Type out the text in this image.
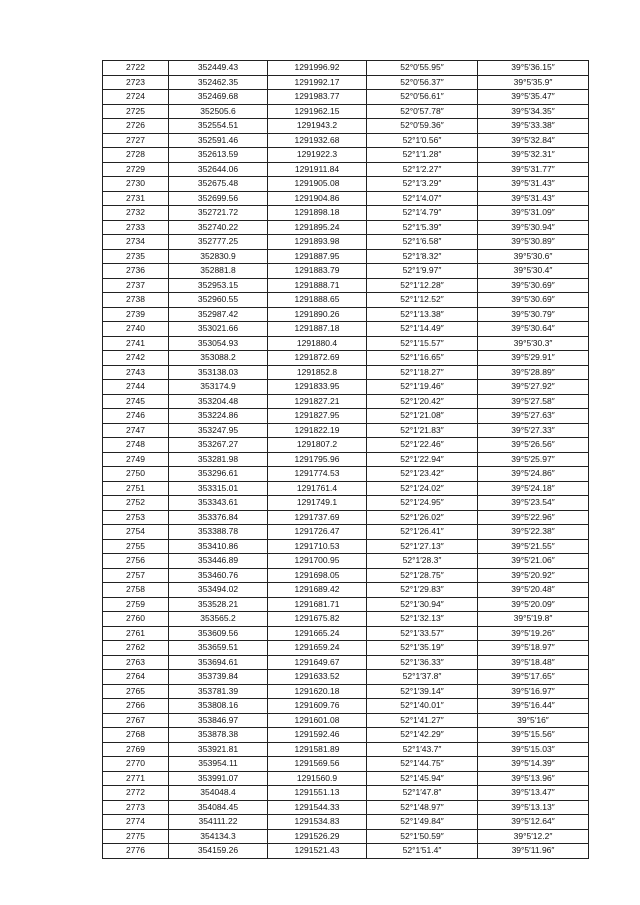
2722	352449.43	1291996.92	52°0′55.95″	39°5′36.15″
2723	352462.35	1291992.17	52°0′56.37″	39°5′35.9″
2724	352469.68	1291983.77	52°0′56.61″	39°5′35.47″
2725	352505.6	1291962.15	52°0′57.78″	39°5′34.35″
2726	352554.51	1291943.2	52°0′59.36″	39°5′33.38″
2727	352591.46	1291932.68	52°1′0.56″	39°5′32.84″
2728	352613.59	1291922.3	52°1′1.28″	39°5′32.31″
2729	352644.06	1291911.84	52°1′2.27″	39°5′31.77″
2730	352675.48	1291905.08	52°1′3.29″	39°5′31.43″
2731	352699.56	1291904.86	52°1′4.07″	39°5′31.43″
2732	352721.72	1291898.18	52°1′4.79″	39°5′31.09″
2733	352740.22	1291895.24	52°1′5.39″	39°5′30.94″
2734	352777.25	1291893.98	52°1′6.58″	39°5′30.89″
2735	352830.9	1291887.95	52°1′8.32″	39°5′30.6″
2736	352881.8	1291883.79	52°1′9.97″	39°5′30.4″
2737	352953.15	1291888.71	52°1′12.28″	39°5′30.69″
2738	352960.55	1291888.65	52°1′12.52″	39°5′30.69″
2739	352987.42	1291890.26	52°1′13.38″	39°5′30.79″
2740	353021.66	1291887.18	52°1′14.49″	39°5′30.64″
2741	353054.93	1291880.4	52°1′15.57″	39°5′30.3″
2742	353088.2	1291872.69	52°1′16.65″	39°5′29.91″
2743	353138.03	1291852.8	52°1′18.27″	39°5′28.89″
2744	353174.9	1291833.95	52°1′19.46″	39°5′27.92″
2745	353204.48	1291827.21	52°1′20.42″	39°5′27.58″
2746	353224.86	1291827.95	52°1′21.08″	39°5′27.63″
2747	353247.95	1291822.19	52°1′21.83″	39°5′27.33″
2748	353267.27	1291807.2	52°1′22.46″	39°5′26.56″
2749	353281.98	1291795.96	52°1′22.94″	39°5′25.97″
2750	353296.61	1291774.53	52°1′23.42″	39°5′24.86″
2751	353315.01	1291761.4	52°1′24.02″	39°5′24.18″
2752	353343.61	1291749.1	52°1′24.95″	39°5′23.54″
2753	353376.84	1291737.69	52°1′26.02″	39°5′22.96″
2754	353388.78	1291726.47	52°1′26.41″	39°5′22.38″
2755	353410.86	1291710.53	52°1′27.13″	39°5′21.55″
2756	353446.89	1291700.95	52°1′28.3″	39°5′21.06″
2757	353460.76	1291698.05	52°1′28.75″	39°5′20.92″
2758	353494.02	1291689.42	52°1′29.83″	39°5′20.48″
2759	353528.21	1291681.71	52°1′30.94″	39°5′20.09″
2760	353565.2	1291675.82	52°1′32.13″	39°5′19.8″
2761	353609.56	1291665.24	52°1′33.57″	39°5′19.26″
2762	353659.51	1291659.24	52°1′35.19″	39°5′18.97″
2763	353694.61	1291649.67	52°1′36.33″	39°5′18.48″
2764	353739.84	1291633.52	52°1′37.8″	39°5′17.65″
2765	353781.39	1291620.18	52°1′39.14″	39°5′16.97″
2766	353808.16	1291609.76	52°1′40.01″	39°5′16.44″
2767	353846.97	1291601.08	52°1′41.27″	39°5′16″
2768	353878.38	1291592.46	52°1′42.29″	39°5′15.56″
2769	353921.81	1291581.89	52°1′43.7″	39°5′15.03″
2770	353954.11	1291569.56	52°1′44.75″	39°5′14.39″
2771	353991.07	1291560.9	52°1′45.94″	39°5′13.96″
2772	354048.4	1291551.13	52°1′47.8″	39°5′13.47″
2773	354084.45	1291544.33	52°1′48.97″	39°5′13.13″
2774	354111.22	1291534.83	52°1′49.84″	39°5′12.64″
2775	354134.3	1291526.29	52°1′50.59″	39°5′12.2″
2776	354159.26	1291521.43	52°1′51.4″	39°5′11.96″
